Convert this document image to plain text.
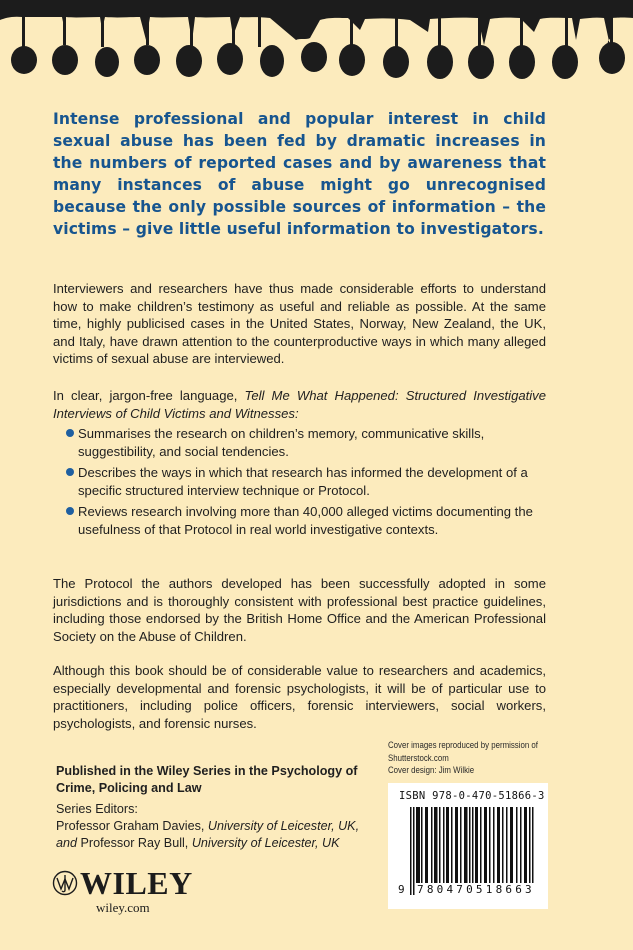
Intense professional and popular interest in child sexual abuse has been fed by dramatic increases in the numbers of reported cases and by awareness that many instances of abuse might go unrecognised because the only possible sources of information – the victims – give little useful information to investigators.

Interviewers and researchers have thus made considerable efforts to understand how to make children’s testimony as useful and reliable as possible. At the same time, highly publicised cases in the United States, Norway, New Zealand, the UK, and Italy, have drawn attention to the counterproductive ways in which many alleged victims of sexual abuse are interviewed.

In clear, jargon-free language, Tell Me What Happened: Structured Investigative Interviews of Child Victims and Witnesses:

Summarises the research on children’s memory, communicative skills, suggestibility, and social tendencies.
Describes the ways in which that research has informed the development of a specific structured interview technique or Protocol.
Reviews research involving more than 40,000 alleged victims documenting the usefulness of that Protocol in real world investigative contexts.

The Protocol the authors developed has been successfully adopted in some jurisdictions and is thoroughly consistent with professional best practice guidelines, including those endorsed by the British Home Office and the American Professional Society on the Abuse of Children.

Although this book should be of considerable value to researchers and academics, especially developmental and forensic psychologists, it will be of particular use to practitioners, including police officers, forensic interviewers, social workers, psychologists, and forensic nurses.

Published in the Wiley Series in the Psychology of Crime, Policing and Law

Series Editors:

Professor Graham Davies, University of Leicester, UK,

and Professor Ray Bull, University of Leicester, UK

WILEY
wiley.com
Cover images reproduced by permission of
Shutterstock.com
Cover design: Jim Wilkie
ISBN 978-0-470-51866-3
9 780470518663
